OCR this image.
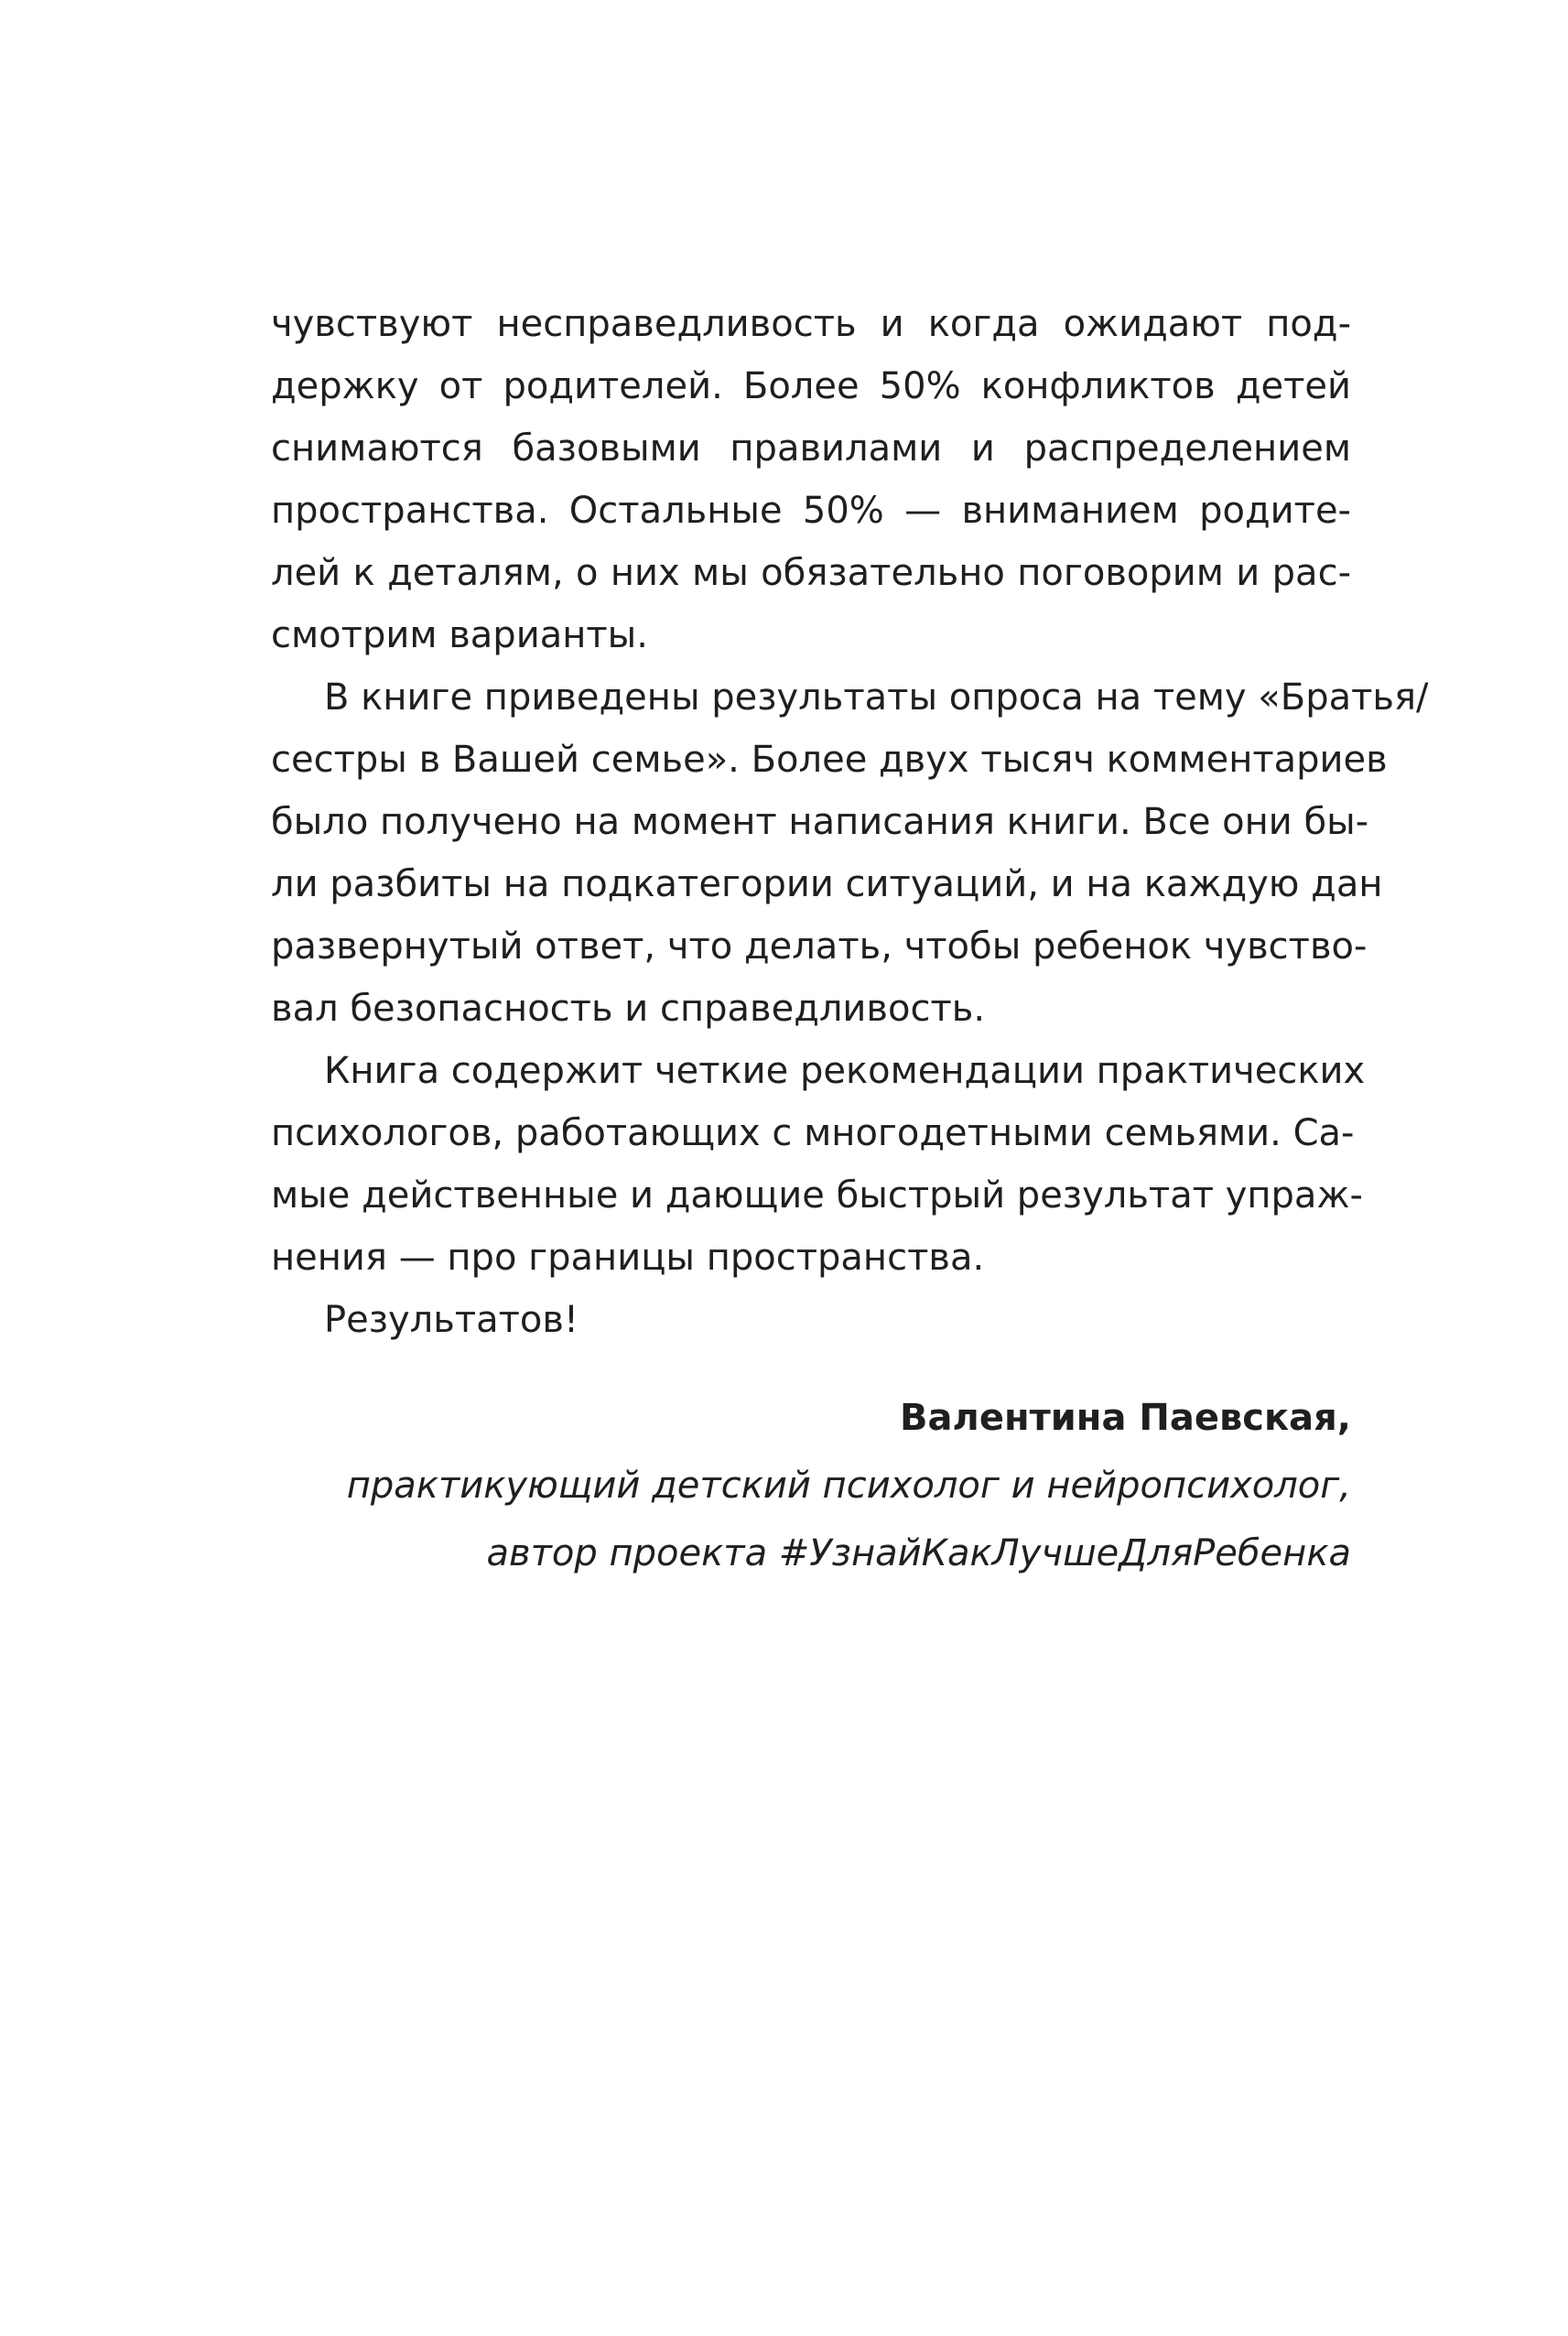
чувствуют несправедливость и когда ожидают под-
держку от родителей. Более 50% конфликтов детей
снимаются базовыми правилами и распределением
пространства. Остальные 50% — вниманием родите-
лей к деталям, о них мы обязательно поговорим и рас-
смотрим варианты.
В книге приведены результаты опроса на тему «Братья/
сестры в Вашей семье». Более двух тысяч комментариев
было получено на момент написания книги. Все они бы-
ли разбиты на подкатегории ситуаций, и на каждую дан
развернутый ответ, что делать, чтобы ребенок чувство-
вал безопасность и справедливость.
Книга содержит четкие рекомендации практических
психологов, работающих с многодетными семьями. Са-
мые действенные и дающие быстрый результат упраж-
нения — про границы пространства.
Результатов!
Валентина Паевская,
практикующий детский психолог и нейропсихолог,
автор проекта #УзнайКакЛучшеДляРебенка
